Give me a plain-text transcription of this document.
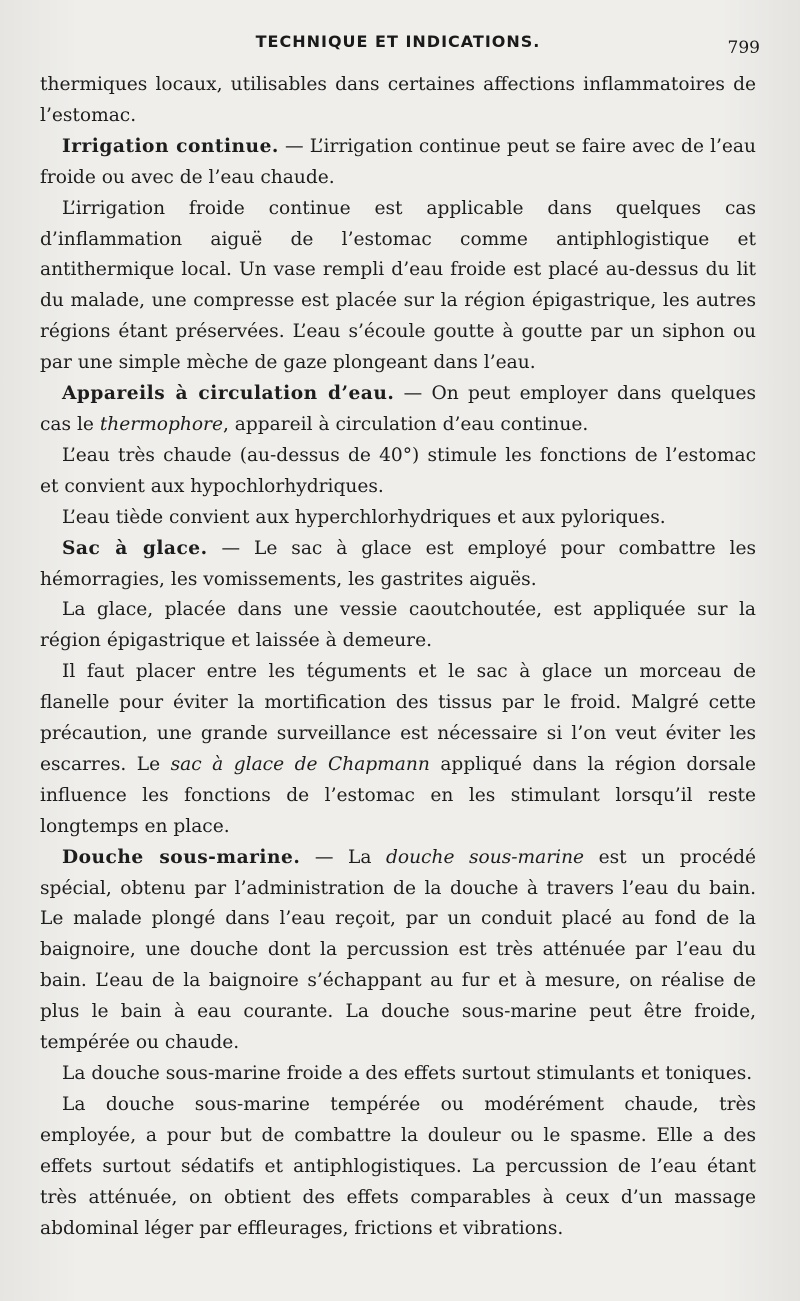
TECHNIQUE ET INDICATIONS.	799

thermiques locaux, utilisables dans certaines affections inflammatoires de l’estomac.

Irrigation continue. — L’irrigation continue peut se faire avec de l’eau froide ou avec de l’eau chaude.

L’irrigation froide continue est applicable dans quelques cas d’inflammation aiguë de l’estomac comme antiphlogistique et antithermique local. Un vase rempli d’eau froide est placé au-dessus du lit du malade, une compresse est placée sur la région épigastrique, les autres régions étant préservées. L’eau s’écoule goutte à goutte par un siphon ou par une simple mèche de gaze plongeant dans l’eau.

Appareils à circulation d’eau. — On peut employer dans quelques cas le thermophore, appareil à circulation d’eau continue.

L’eau très chaude (au-dessus de 40°) stimule les fonctions de l’estomac et convient aux hypochlorhydriques.

L’eau tiède convient aux hyperchlorhydriques et aux pyloriques.

Sac à glace. — Le sac à glace est employé pour combattre les hémorragies, les vomissements, les gastrites aiguës.

La glace, placée dans une vessie caoutchoutée, est appliquée sur la région épigastrique et laissée à demeure.

Il faut placer entre les téguments et le sac à glace un morceau de flanelle pour éviter la mortification des tissus par le froid. Malgré cette précaution, une grande surveillance est nécessaire si l’on veut éviter les escarres. Le sac à glace de Chapmann appliqué dans la région dorsale influence les fonctions de l’estomac en les stimulant lorsqu’il reste longtemps en place.

Douche sous-marine. — La douche sous-marine est un procédé spécial, obtenu par l’administration de la douche à travers l’eau du bain. Le malade plongé dans l’eau reçoit, par un conduit placé au fond de la baignoire, une douche dont la percussion est très atténuée par l’eau du bain. L’eau de la baignoire s’échappant au fur et à mesure, on réalise de plus le bain à eau courante. La douche sous-marine peut être froide, tempérée ou chaude.

La douche sous-marine froide a des effets surtout stimulants et toniques.

La douche sous-marine tempérée ou modérément chaude, très employée, a pour but de combattre la douleur ou le spasme. Elle a des effets surtout sédatifs et antiphlogistiques. La percussion de l’eau étant très atténuée, on obtient des effets comparables à ceux d’un massage abdominal léger par effleurages, frictions et vibrations.
